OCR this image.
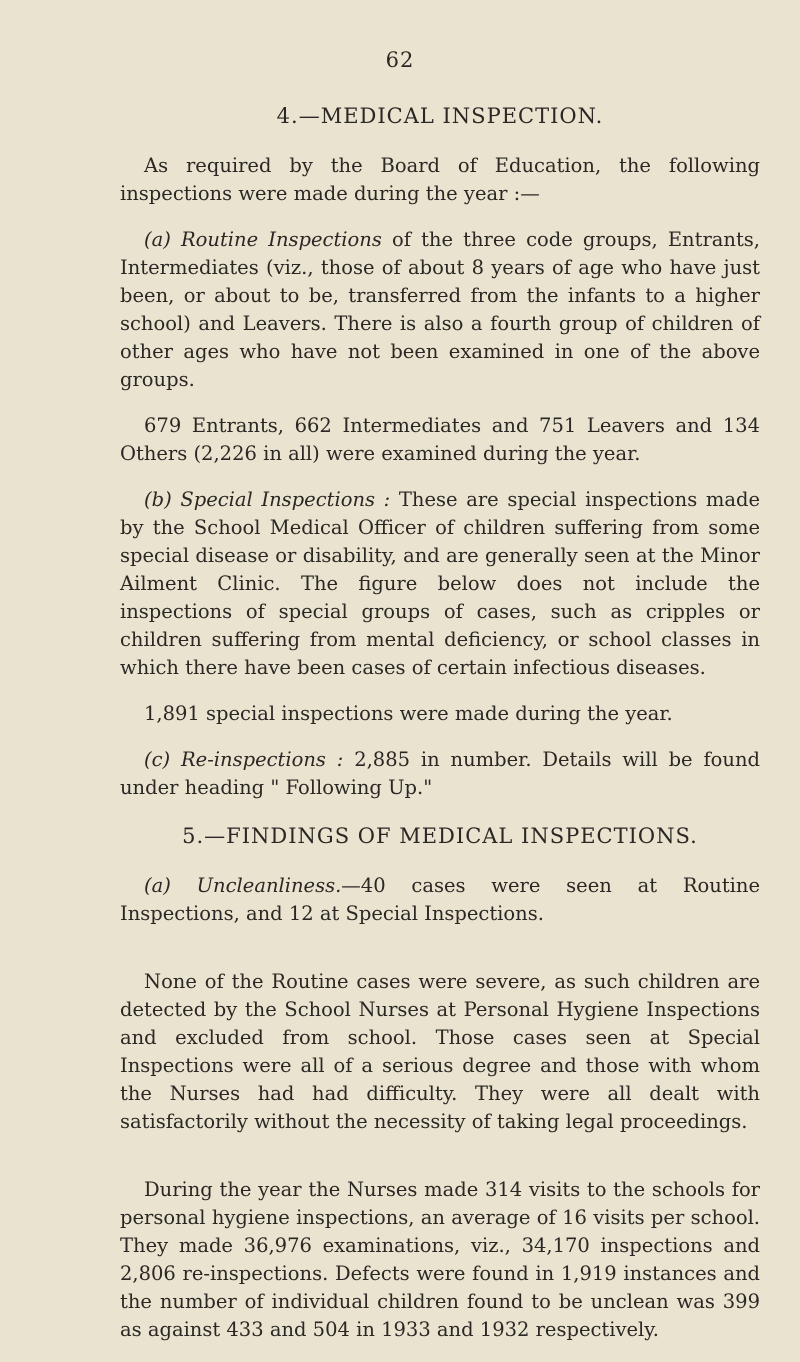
62
4.—MEDICAL INSPECTION.

As required by the Board of Education, the following inspections were made during the year :—

(a) Routine Inspections of the three code groups, Entrants, Intermediates (viz., those of about 8 years of age who have just been, or about to be, transferred from the infants to a higher school) and Leavers. There is also a fourth group of children of other ages who have not been examined in one of the above groups.

679 Entrants, 662 Intermediates and 751 Leavers and 134 Others (2,226 in all) were examined during the year.

(b) Special Inspections : These are special inspections made by the School Medical Officer of children suffering from some special disease or disability, and are generally seen at the Minor Ailment Clinic. The figure below does not include the inspections of special groups of cases, such as cripples or children suffering from mental deficiency, or school classes in which there have been cases of certain infectious diseases.

1,891 special inspections were made during the year.

(c) Re-inspections : 2,885 in number. Details will be found under heading " Following Up."

5.—FINDINGS OF MEDICAL INSPECTIONS.

(a) Uncleanliness.—40 cases were seen at Routine Inspections, and 12 at Special Inspections.

None of the Routine cases were severe, as such children are detected by the School Nurses at Personal Hygiene Inspections and excluded from school. Those cases seen at Special Inspections were all of a serious degree and those with whom the Nurses had had difficulty. They were all dealt with satisfactorily without the necessity of taking legal proceedings.

During the year the Nurses made 314 visits to the schools for personal hygiene inspections, an average of 16 visits per school. They made 36,976 examinations, viz., 34,170 inspections and 2,806 re-inspections. Defects were found in 1,919 instances and the number of individual children found to be unclean was 399 as against 433 and 504 in 1933 and 1932 respectively.
